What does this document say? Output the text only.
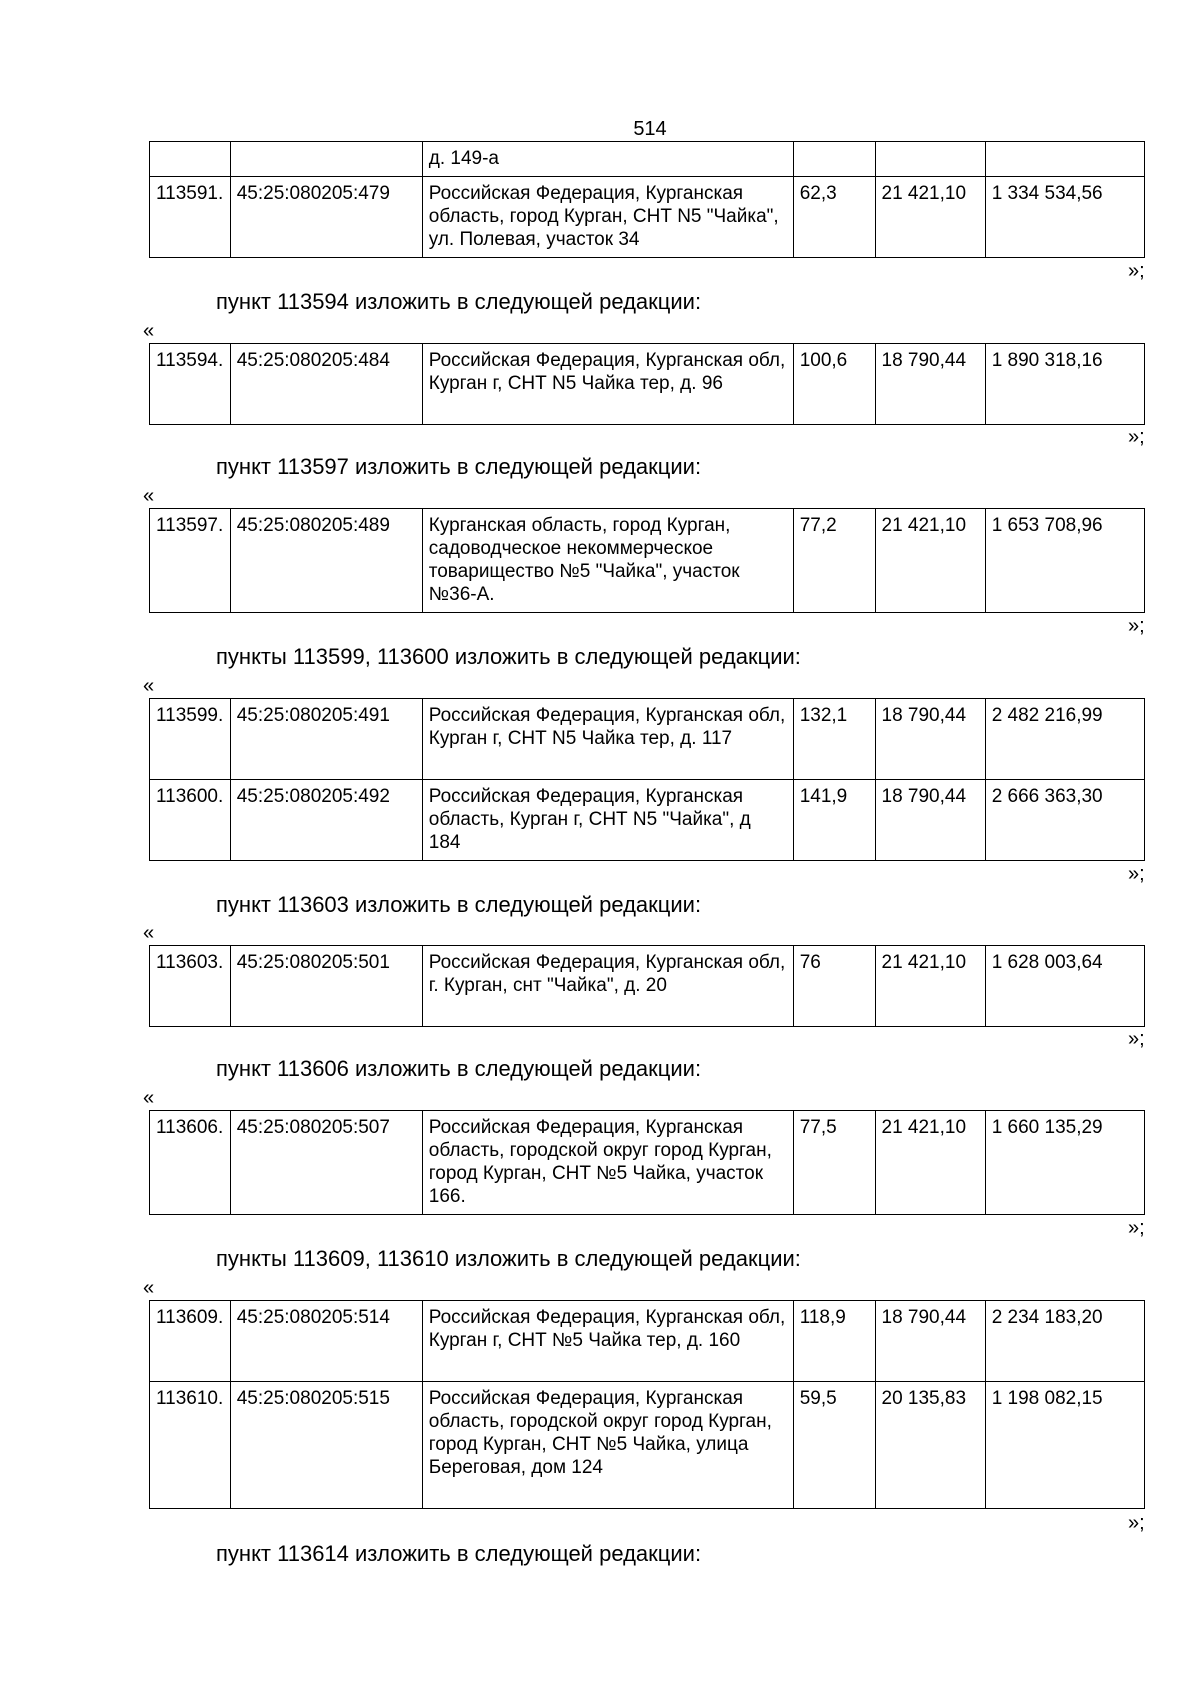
514
		д. 149-а			
113591.	45:25:080205:479	Российская Федерация, Курганская область, город Курган, СНТ N5 "Чайка", ул. Полевая, участок 34	62,3	21 421,10	1 334 534,56
»;
пункт 113594 изложить в следующей редакции:
«
113594.	45:25:080205:484	Российская Федерация, Курганская обл, Курган г, СНТ N5 Чайка тер, д. 96	100,6	18 790,44	1 890 318,16
»;
пункт 113597 изложить в следующей редакции:
«
113597.	45:25:080205:489	Курганская область, город Курган, садоводческое некоммерческое товарищество №5 "Чайка", участок №36-А.	77,2	21 421,10	1 653 708,96
»;
пункты 113599, 113600 изложить в следующей редакции:
«
113599.	45:25:080205:491	Российская Федерация, Курганская обл, Курган г, СНТ N5 Чайка тер, д. 117	132,1	18 790,44	2 482 216,99
113600.	45:25:080205:492	Российская Федерация, Курганская область, Курган г, СНТ N5 "Чайка", д 184	141,9	18 790,44	2 666 363,30
»;
пункт 113603 изложить в следующей редакции:
«
113603.	45:25:080205:501	Российская Федерация, Курганская обл, г. Курган, снт "Чайка", д. 20	76	21 421,10	1 628 003,64
»;
пункт 113606 изложить в следующей редакции:
«
113606.	45:25:080205:507	Российская Федерация, Курганская область, городской округ город Курган, город Курган, СНТ №5 Чайка, участок 166.	77,5	21 421,10	1 660 135,29
»;
пункты 113609, 113610 изложить в следующей редакции:
«
113609.	45:25:080205:514	Российская Федерация, Курганская обл, Курган г, СНТ №5 Чайка тер, д. 160	118,9	18 790,44	2 234 183,20
113610.	45:25:080205:515	Российская Федерация, Курганская область, городской округ город Курган, город Курган, СНТ №5 Чайка, улица Береговая, дом 124	59,5	20 135,83	1 198 082,15
»;
пункт 113614 изложить в следующей редакции:
